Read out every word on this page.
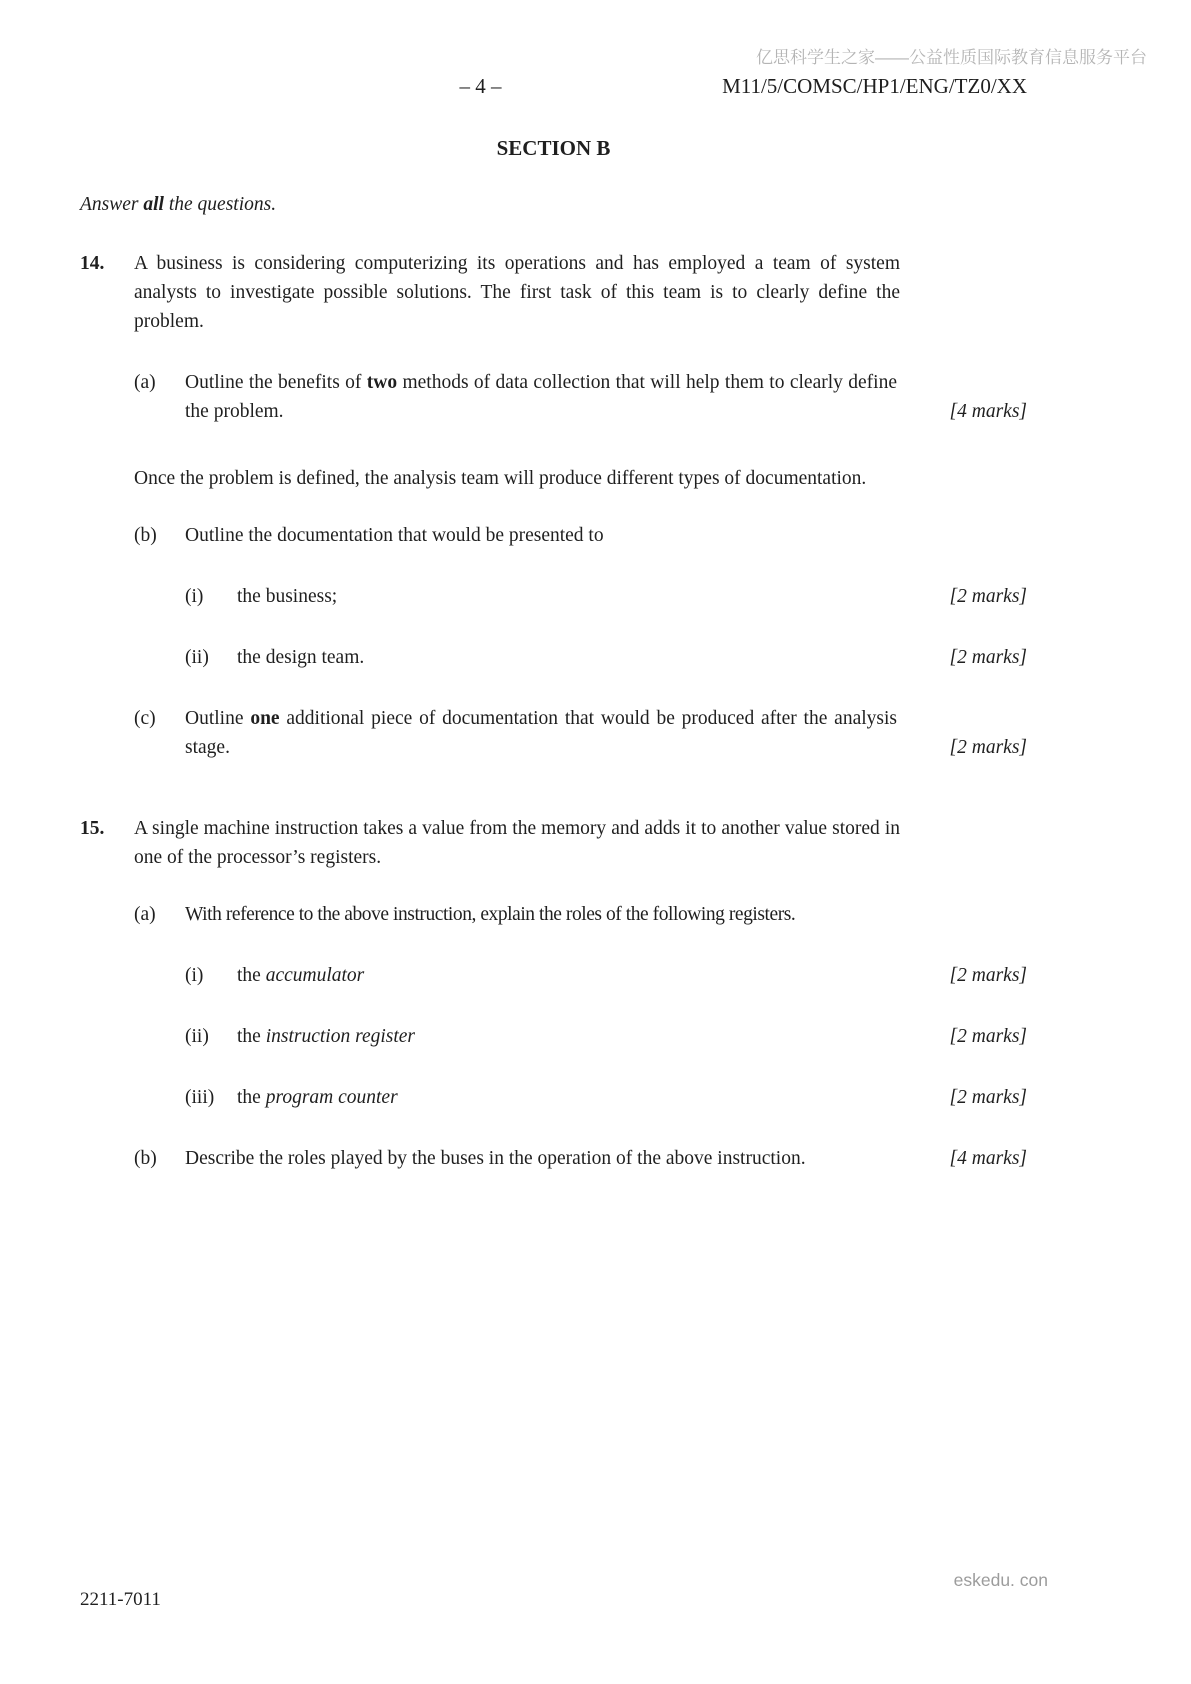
亿思科学生之家——公益性质国际教育信息服务平台
– 4 –	M11/5/COMSC/HP1/ENG/TZ0/XX
SECTION B
Answer all the questions.
14.	A business is considering computerizing its operations and has employed a team of system analysts to investigate possible solutions. The first task of this team is to clearly define the problem.
(a)	Outline the benefits of two methods of data collection that will help them to clearly define the problem.	[4 marks]
Once the problem is defined, the analysis team will produce different types of documentation.
(b)	Outline the documentation that would be presented to
(i)	the business;	[2 marks]
(ii)	the design team.	[2 marks]
(c)	Outline one additional piece of documentation that would be produced after the analysis stage.	[2 marks]
15.	A single machine instruction takes a value from the memory and adds it to another value stored in one of the processor’s registers.
(a)	With reference to the above instruction, explain the roles of the following registers.
(i)	the accumulator	[2 marks]
(ii)	the instruction register	[2 marks]
(iii)	the program counter	[2 marks]
(b)	Describe the roles played by the buses in the operation of the above instruction.	[4 marks]
2211-7011
eskedu. con
